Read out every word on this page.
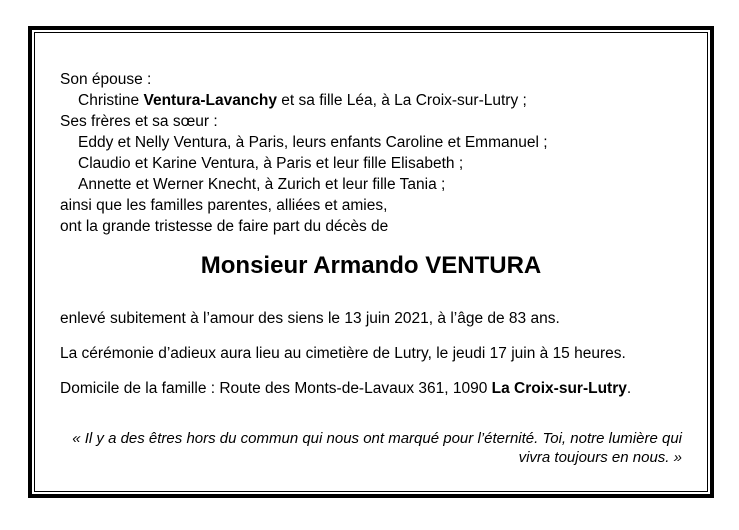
Son épouse :
Christine Ventura-Lavanchy et sa fille Léa, à La Croix-sur-Lutry ;
Ses frères et sa sœur :
Eddy et Nelly Ventura, à Paris, leurs enfants Caroline et Emmanuel ;
Claudio et Karine Ventura, à Paris et leur fille Elisabeth ;
Annette et Werner Knecht, à Zurich et leur fille Tania ;
ainsi que les familles parentes, alliées et amies,
ont la grande tristesse de faire part du décès de
Monsieur Armando VENTURA
enlevé subitement à l’amour des siens le 13 juin 2021, à l’âge de 83 ans.
La cérémonie d’adieux aura lieu au cimetière de Lutry, le jeudi 17 juin à 15 heures.
Domicile de la famille : Route des Monts-de-Lavaux 361, 1090 La Croix-sur-Lutry.
« Il y a des êtres hors du commun qui nous ont marqué pour l’éternité. Toi, notre lumière qui
vivra toujours en nous. »
